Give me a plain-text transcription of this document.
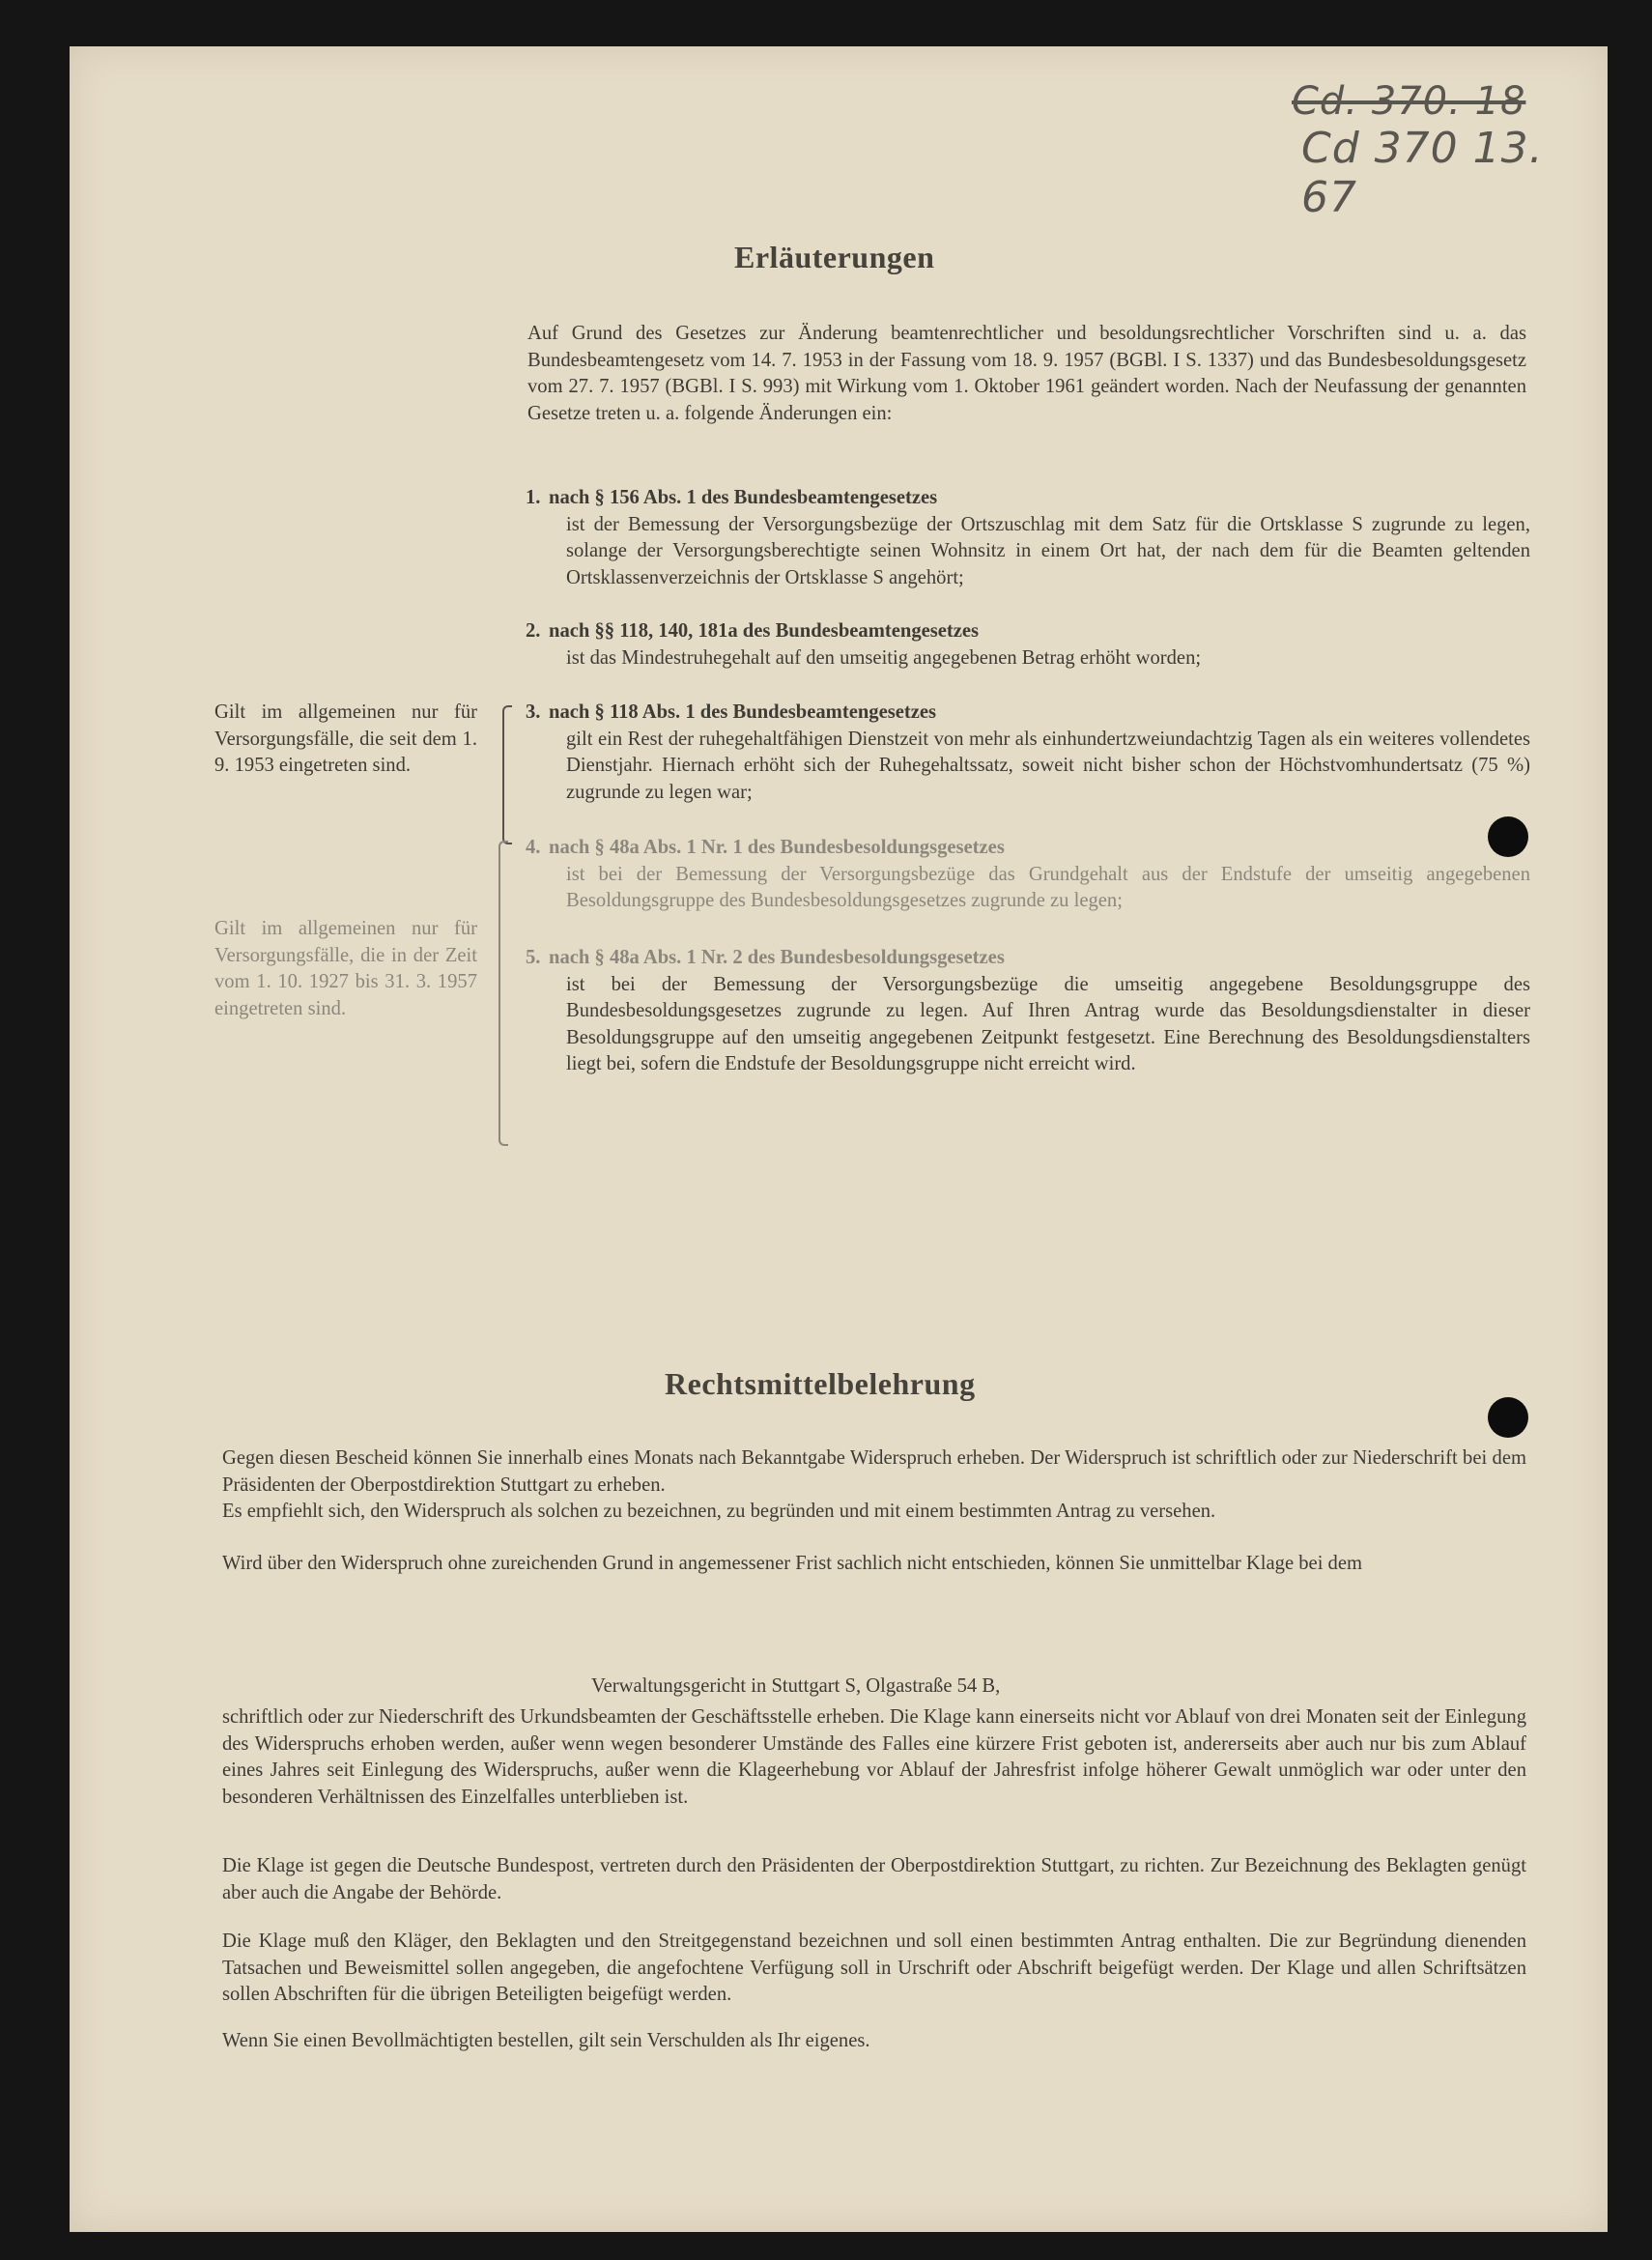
Cd. 370. 18
Cd 370 13. 67
Erläuterungen
Auf Grund des Gesetzes zur Änderung beamtenrechtlicher und besoldungsrechtlicher Vorschriften sind u. a. das Bundesbeamtengesetz vom 14. 7. 1953 in der Fassung vom 18. 9. 1957 (BGBl. I S. 1337) und das Bundesbesoldungsgesetz vom 27. 7. 1957 (BGBl. I S. 993) mit Wirkung vom 1. Oktober 1961 geändert worden. Nach der Neufassung der genannten Gesetze treten u. a. folgende Änderungen ein:
1. nach § 156 Abs. 1 des Bundesbeamtengesetzes
ist der Bemessung der Versorgungsbezüge der Ortszuschlag mit dem Satz für die Ortsklasse S zugrunde zu legen, solange der Versorgungsberechtigte seinen Wohnsitz in einem Ort hat, der nach dem für die Beamten geltenden Ortsklassenverzeichnis der Ortsklasse S angehört;
2. nach §§ 118, 140, 181a des Bundesbeamtengesetzes
ist das Mindestruhegehalt auf den umseitig angegebenen Betrag erhöht worden;
3. nach § 118 Abs. 1 des Bundesbeamtengesetzes
gilt ein Rest der ruhegehaltfähigen Dienstzeit von mehr als einhundertzweiundachtzig Tagen als ein weiteres vollendetes Dienstjahr. Hiernach erhöht sich der Ruhegehaltssatz, soweit nicht bisher schon der Höchstvomhundertsatz (75 %) zugrunde zu legen war;
4. nach § 48a Abs. 1 Nr. 1 des Bundesbesoldungsgesetzes
ist bei der Bemessung der Versorgungsbezüge das Grundgehalt aus der Endstufe der umseitig angegebenen Besoldungsgruppe des Bundesbesoldungsgesetzes zugrunde zu legen;
5. nach § 48a Abs. 1 Nr. 2 des Bundesbesoldungsgesetzes
ist bei der Bemessung der Versorgungsbezüge die umseitig angegebene Besoldungsgruppe des Bundesbesoldungsgesetzes zugrunde zu legen. Auf Ihren Antrag wurde das Besoldungsdienstalter in dieser Besoldungsgruppe auf den umseitig angegebenen Zeitpunkt festgesetzt. Eine Berechnung des Besoldungsdienstalters liegt bei, sofern die Endstufe der Besoldungsgruppe nicht erreicht wird.
Gilt im allgemeinen nur für Versorgungsfälle, die seit dem 1. 9. 1953 eingetreten sind.
Gilt im allgemeinen nur für Versorgungsfälle, die in der Zeit vom 1. 10. 1927 bis 31. 3. 1957 eingetreten sind.
Rechtsmittelbelehrung
Gegen diesen Bescheid können Sie innerhalb eines Monats nach Bekanntgabe Widerspruch erheben. Der Widerspruch ist schriftlich oder zur Niederschrift bei dem Präsidenten der Oberpostdirektion Stuttgart zu erheben.
Es empfiehlt sich, den Widerspruch als solchen zu bezeichnen, zu begründen und mit einem bestimmten Antrag zu versehen.
Wird über den Widerspruch ohne zureichenden Grund in angemessener Frist sachlich nicht entschieden, können Sie unmittelbar Klage bei dem
Verwaltungsgericht in Stuttgart S, Olgastraße 54 B,
schriftlich oder zur Niederschrift des Urkundsbeamten der Geschäftsstelle erheben. Die Klage kann einerseits nicht vor Ablauf von drei Monaten seit der Einlegung des Widerspruchs erhoben werden, außer wenn wegen besonderer Umstände des Falles eine kürzere Frist geboten ist, andererseits aber auch nur bis zum Ablauf eines Jahres seit Einlegung des Widerspruchs, außer wenn die Klageerhebung vor Ablauf der Jahresfrist infolge höherer Gewalt unmöglich war oder unter den besonderen Verhältnissen des Einzelfalles unterblieben ist.
Die Klage ist gegen die Deutsche Bundespost, vertreten durch den Präsidenten der Oberpostdirektion Stuttgart, zu richten. Zur Bezeichnung des Beklagten genügt aber auch die Angabe der Behörde.
Die Klage muß den Kläger, den Beklagten und den Streitgegenstand bezeichnen und soll einen bestimmten Antrag enthalten. Die zur Begründung dienenden Tatsachen und Beweismittel sollen angegeben, die angefochtene Verfügung soll in Urschrift oder Abschrift beigefügt werden. Der Klage und allen Schriftsätzen sollen Abschriften für die übrigen Beteiligten beigefügt werden.
Wenn Sie einen Bevollmächtigten bestellen, gilt sein Verschulden als Ihr eigenes.
